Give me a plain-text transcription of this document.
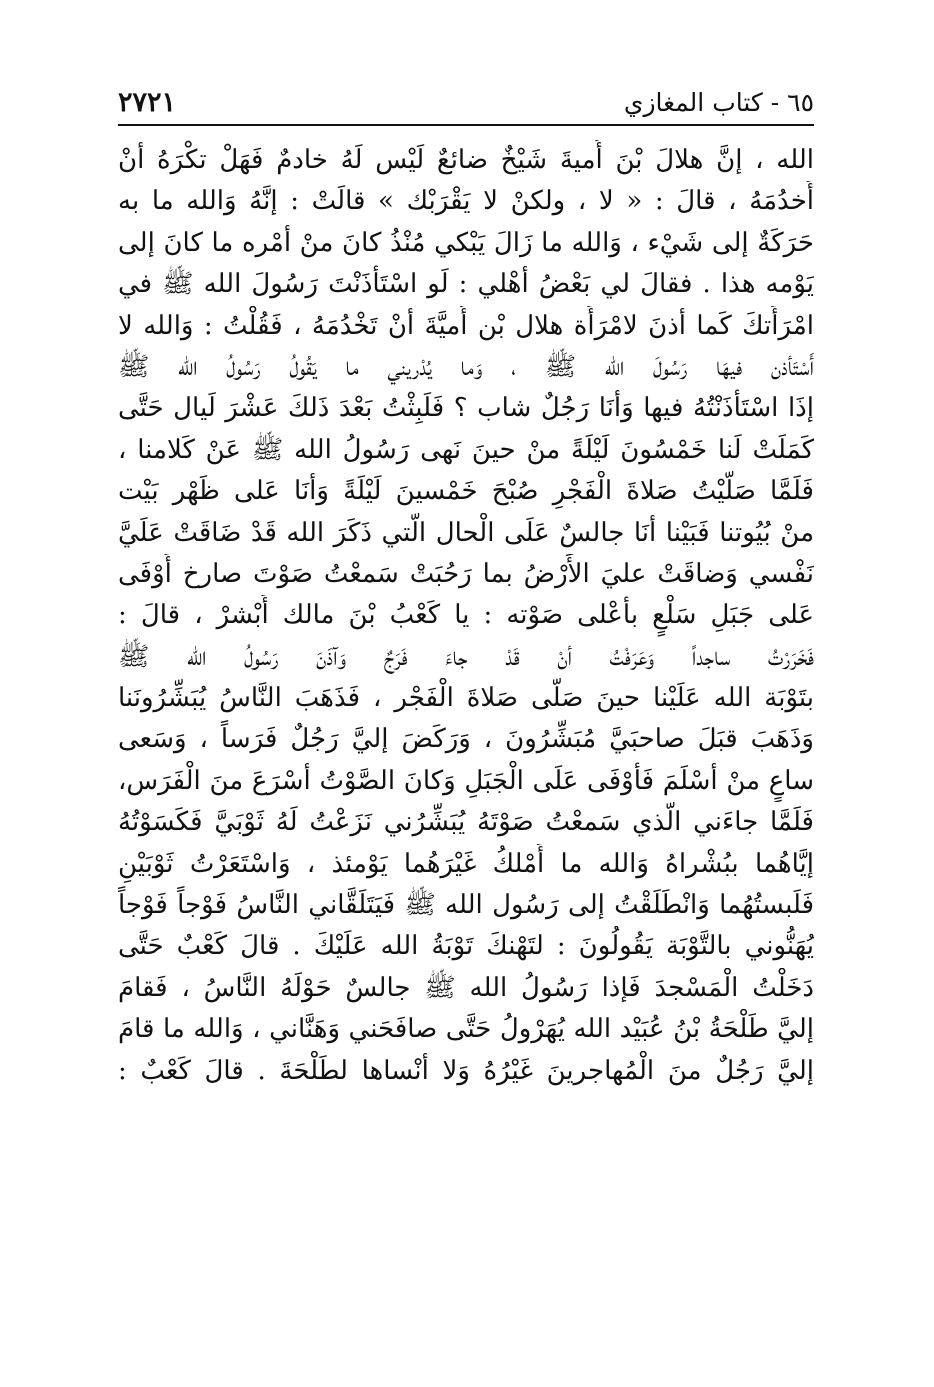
٦٥ - كتاب المغازي
٢٧٢١
الله ، إنَّ هلالَ بْنَ أُميةَ شَيْخٌ ضائعٌ لَيْس لَهُ خادمٌ فَهَلْ تكْرَهُ أنْ
أَخدُمَهُ ، قالَ : « لا ، ولكنْ لا يَقْرَبْك » قالَتْ : إنَّهُ وَالله ما به
حَرَكَةٌ إلى شَيْء ، وَالله ما زَالَ يَبْكي مُنْذُ كانَ منْ أمْره ما كانَ إلى
يَوْمه هذا . فقالَ لي بَعْضُ أهْلي : لَو اسْتَأْذَنْتَ رَسُولَ الله ﷺ في
امْرَأَتكَ كَما أذنَ لامْرَأَة هلال بْن أُميَّةَ أنْ تَخْدُمَهُ ، فَقُلْتُ : وَالله لا
أَسْتَأذن فيهَا رَسُولَ الله ﷺ ، وَما يُدْريني ما يَقُولُ رَسُولُ الله ﷺ
إذَا اسْتَأْذَنْتُهُ فيها وَأنَا رَجُلٌ شاب ؟ فَلَبِثْتُ بَعْدَ ذَلكَ عَشْرَ لَيال حَتَّى
كَمَلَتْ لَنا خَمْسُونَ لَيْلَةً منْ حينَ نَهى رَسُولُ الله ﷺ عَنْ كَلامنا ،
فَلَمَّا صَلَّيْتُ صَلاةَ الْفَجْرِ صُبْحَ خَمْسينَ لَيْلَةً وَأنَا عَلى ظَهْر بَيْت
منْ بُيُوتنا فَبَيْنا أنَا جالسٌ عَلَى الْحال الَّتي ذَكَرَ الله قَدْ ضَاقَتْ عَلَيَّ
نَفْسي وَضاقَتْ عليَ الأَرْضُ بما رَحُبَتْ سَمعْتُ صَوْتَ صارخ أَوْفَى
عَلى جَبَلِ سَلْعٍ بأَعْلى صَوْته : يا كَعْبُ بْنَ مالك أَبْشرْ ، قالَ :
فَخَرَرْتُ ساجداً وَعَرَفْتُ أنْ قَدْ جاءَ فَرَجٌ وَآذَنَ رَسُولُ الله ﷺ
بتَوْبَة الله عَلَيْنا حينَ صَلَّى صَلاةَ الْفَجْر ، فَذَهَبَ النَّاسُ يُبَشِّرُونَنا
وَذَهَبَ قبَلَ صاحبَيَّ مُبَشِّرُونَ ، وَرَكَضَ إليَّ رَجُلٌ فَرَساً ، وَسَعى
ساعٍ منْ أسْلَمَ فَأَوْفَى عَلَى الْجَبَلِ وَكانَ الصَّوْتُ أسْرَعَ منَ الْفَرَس،
فَلَمَّا جاءَني الَّذي سَمعْتُ صَوْتَهُ يُبَشِّرُني نَزَعْتُ لَهُ ثَوْبَيَّ فَكَسَوْتُهُ
إيَّاهُما ببُشْراهُ وَالله ما أَمْلكُ غَيْرَهُما يَوْمئذ ، وَاسْتَعَرْتُ ثَوْبَيْنِ
فَلَبستُهُما وَانْطَلَقْتُ إلى رَسُول الله ﷺ فَيَتَلَقَّاني النَّاسُ فَوْجاً فَوْجاً
يُهَنُّوني بالتَّوْبَة يَقُولُونَ : لتَهْنكَ تَوْبَةُ الله عَلَيْكَ . قالَ كَعْبٌ حَتَّى
دَخَلْتُ الْمَسْجدَ فَإذا رَسُولُ الله ﷺ جالسٌ حَوْلَهُ النَّاسُ ، فَقامَ
إليَّ طَلْحَةُ بْنُ عُبَيْد الله يُهَرْولُ حَتَّى صافَحَني وَهَنَّاني ، وَالله ما قامَ
إليَّ رَجُلٌ منَ الْمُهاجرينَ غَيْرُهُ وَلا أنْساها لطَلْحَةَ . قالَ كَعْبٌ :
